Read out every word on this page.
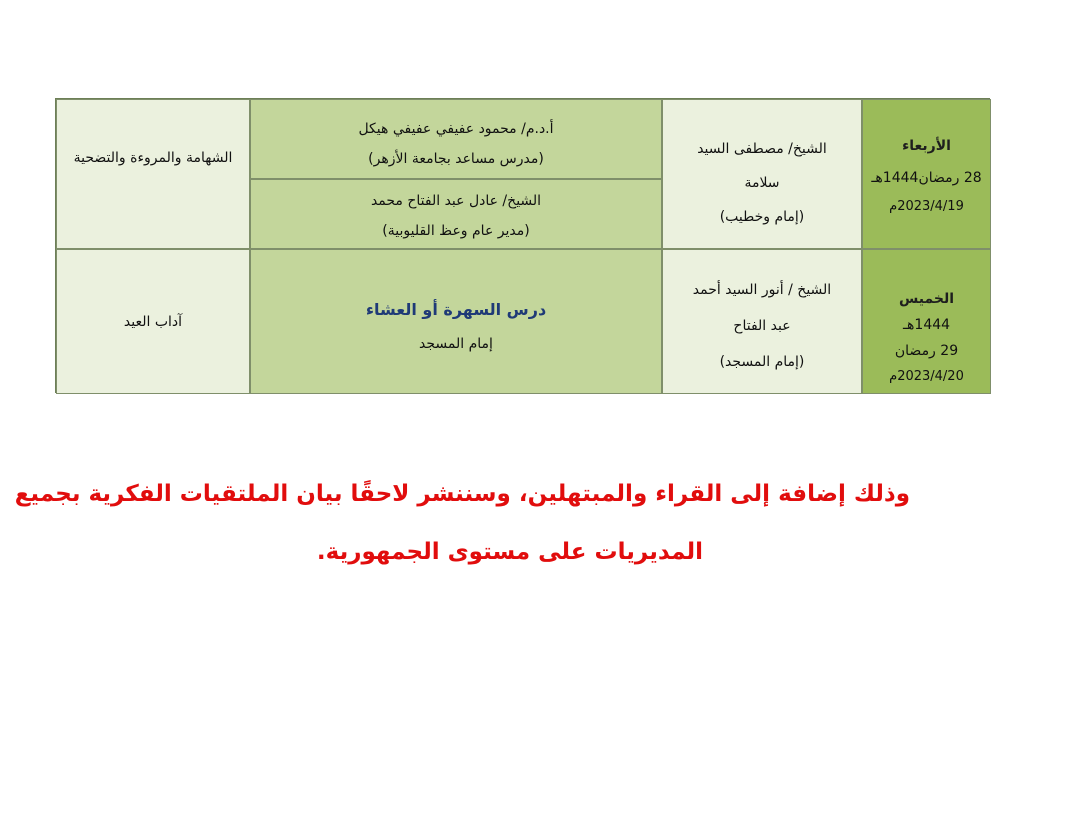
الأربعاء
28 رمضان1444هـ
2023/4/19م
الشيخ/ مصطفى السيد
سلامة
(إمام وخطيب)
أ.د.م/ محمود عفيفي عفيفي هيكل
(مدرس مساعد بجامعة الأزهر)
الشيخ/ عادل عبد الفتاح محمد
(مدير عام وعظ القليوبية)
الشهامة والمروءة والتضحية
الخميس
1444هـ
29 رمضان
2023/4/20م
الشيخ / أنور السيد أحمد
عبد الفتاح
(إمام المسجد)
درس السهرة أو العشاء
إمام المسجد
آداب العيد
وذلك إضافة إلى القراء والمبتهلين، وسننشر لاحقًا بيان الملتقيات الفكرية بجميع
المديريات على مستوى الجمهورية.
